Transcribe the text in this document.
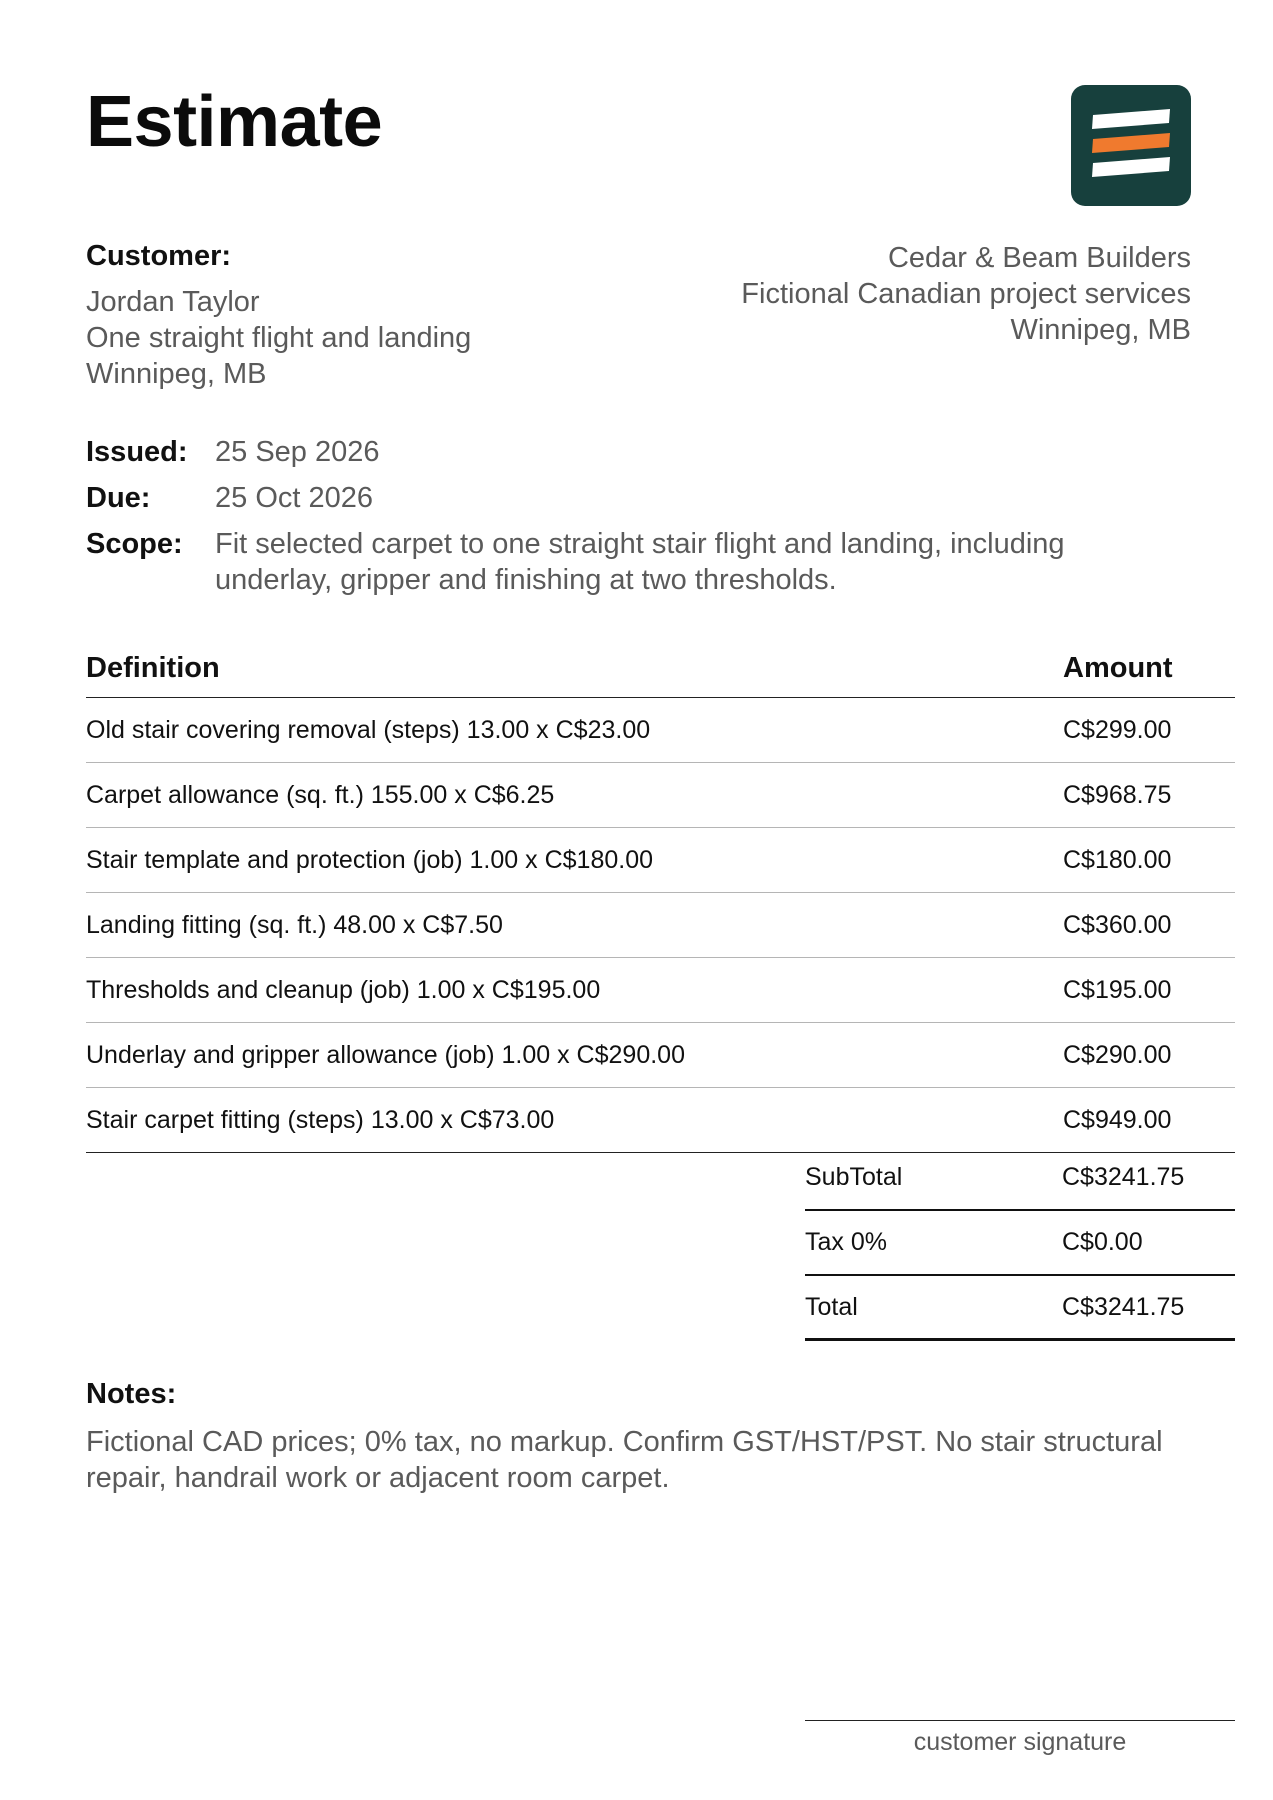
Estimate
Customer:
Jordan Taylor
One straight flight and landing
Winnipeg, MB
Cedar & Beam Builders
Fictional Canadian project services
Winnipeg, MB
Issued: 25 Sep 2026
Due:	25 Oct 2026
Scope:	Fit selected carpet to one straight stair flight and landing, including underlay, gripper and finishing at two thresholds.
Definition	Amount
Old stair covering removal (steps) 13.00 x C$23.00	C$299.00
Carpet allowance (sq. ft.) 155.00 x C$6.25	C$968.75
Stair template and protection (job) 1.00 x C$180.00	C$180.00
Landing fitting (sq. ft.) 48.00 x C$7.50	C$360.00
Thresholds and cleanup (job) 1.00 x C$195.00	C$195.00
Underlay and gripper allowance (job) 1.00 x C$290.00	C$290.00
Stair carpet fitting (steps) 13.00 x C$73.00	C$949.00
SubTotal	C$3241.75
Tax 0%	C$0.00
Total	C$3241.75
Notes:
Fictional CAD prices; 0% tax, no markup. Confirm GST/HST/PST. No stair structural repair, handrail work or adjacent room carpet.
customer signature
